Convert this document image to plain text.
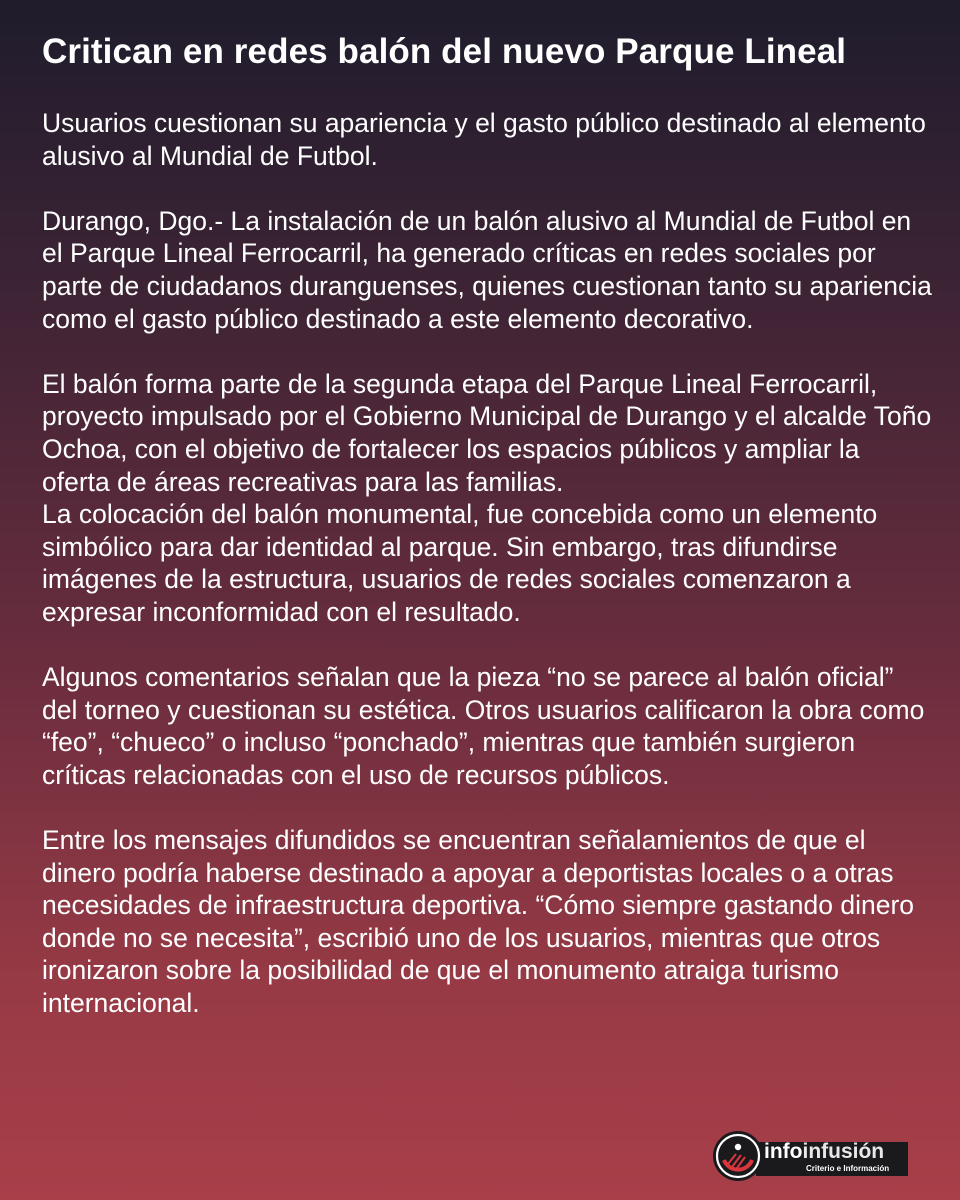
Critican en redes balón del nuevo Parque Lineal

Usuarios cuestionan su apariencia y el gasto público destinado al elemento alusivo al Mundial de Futbol.

Durango, Dgo.- La instalación de un balón alusivo al Mundial de Futbol en el Parque Lineal Ferrocarril, ha generado críticas en redes sociales por parte de ciudadanos duranguenses, quienes cuestionan tanto su apariencia como el gasto público destinado a este elemento decorativo.

El balón forma parte de la segunda etapa del Parque Lineal Ferrocarril, proyecto impulsado por el Gobierno Municipal de Durango y el alcalde Toño Ochoa, con el objetivo de fortalecer los espacios públicos y ampliar la oferta de áreas recreativas para las familias.

La colocación del balón monumental, fue concebida como un elemento simbólico para dar identidad al parque. Sin embargo, tras difundirse imágenes de la estructura, usuarios de redes sociales comenzaron a expresar inconformidad con el resultado.

Algunos comentarios señalan que la pieza “no se parece al balón oficial” del torneo y cuestionan su estética. Otros usuarios calificaron la obra como “feo”, “chueco” o incluso “ponchado”, mientras que también surgieron críticas relacionadas con el uso de recursos públicos.

Entre los mensajes difundidos se encuentran señalamientos de que el dinero podría haberse destinado a apoyar a deportistas locales o a otras necesidades de infraestructura deportiva. “Cómo siempre gastando dinero donde no se necesita”, escribió uno de los usuarios, mientras que otros ironizaron sobre la posibilidad de que el monumento atraiga turismo internacional.

infoinfusión
Criterio e Información
